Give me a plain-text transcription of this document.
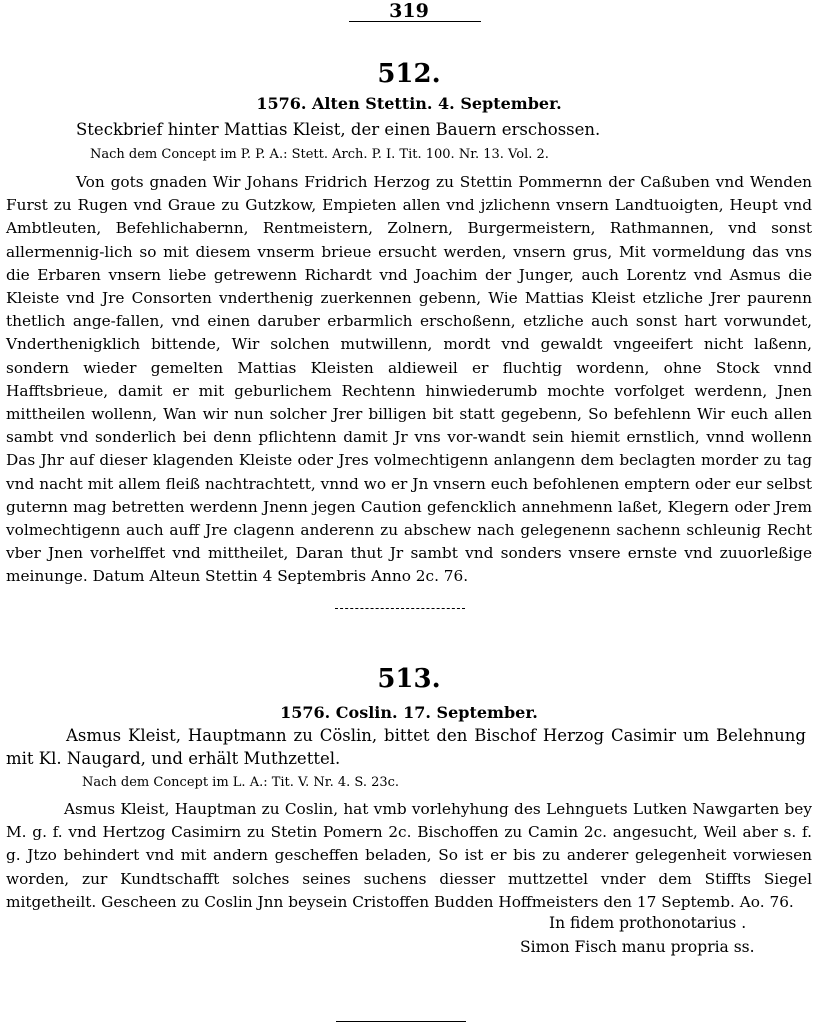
319
512.
1576. Alten Stettin. 4. September.
Steckbrief hinter Mattias Kleist, der einen Bauern erschossen.
Nach dem Concept im P. P. A.: Stett. Arch. P. I. Tit. 100. Nr. 13. Vol. 2.
Von gots gnaden Wir Johans Fridrich Herzog zu Stettin Pommernn der Caßuben vnd Wenden Furst zu Rugen vnd Graue zu Gutzkow, Empieten allen vnd jzlichenn vnsern Landtuoigten, Heupt vnd Ambtleuten, Befehlichabernn, Rentmeistern, Zolnern, Burgermeistern, Rathmannen, vnd sonst allermennig-lich so mit diesem vnserm brieue ersucht werden, vnsern grus, Mit vormeldung das vns die Erbaren vnsern liebe getrewenn Richardt vnd Joachim der Junger, auch Lorentz vnd Asmus die Kleiste vnd Jre Consorten vnderthenig zuerkennen gebenn, Wie Mattias Kleist etzliche Jrer paurenn thetlich ange-fallen, vnd einen daruber erbarmlich erschoßenn, etzliche auch sonst hart vorwundet, Vnderthenigklich bittende, Wir solchen mutwillenn, mordt vnd gewaldt vngeeifert nicht laßenn, sondern wieder gemelten Mattias Kleisten aldieweil er fluchtig wordenn, ohne Stock vnnd Hafftsbrieue, damit er mit geburlichem Rechtenn hinwiederumb mochte vorfolget werdenn, Jnen mittheilen wollenn, Wan wir nun solcher Jrer billigen bit statt gegebenn, So befehlenn Wir euch allen sambt vnd sonderlich bei denn pflichtenn damit Jr vns vor-wandt sein hiemit ernstlich, vnnd wollenn Das Jhr auf dieser klagenden Kleiste oder Jres volmechtigenn anlangenn dem beclagten morder zu tag vnd nacht mit allem fleiß nachtrachtett, vnnd wo er Jn vnsern euch befohlenen emptern oder eur selbst guternn mag betretten werdenn Jnenn jegen Caution gefencklich annehmenn laßet, Klegern oder Jrem volmechtigenn auch auff Jre clagenn anderenn zu abschew nach gelegenenn sachenn schleunig Recht vber Jnen vorhelffet vnd mittheilet, Daran thut Jr sambt vnd sonders vnsere ernste vnd zuuorleßige meinunge. Datum Alteun Stettin 4 Septembris Anno 2c. 76.
513.
1576. Coslin. 17. September.
Asmus Kleist, Hauptmann zu Cöslin, bittet den Bischof Herzog Casimir um Belehnung mit Kl. Naugard, und erhält Muthzettel.
Nach dem Concept im L. A.: Tit. V. Nr. 4. S. 23c.
Asmus Kleist, Hauptman zu Coslin, hat vmb vorlehyhung des Lehnguets Lutken Nawgarten bey M. g. f. vnd Hertzog Casimirn zu Stetin Pomern 2c. Bischoffen zu Camin 2c. angesucht, Weil aber s. f. g. Jtzo behindert vnd mit andern gescheffen beladen, So ist er bis zu anderer gelegenheit vorwiesen worden, zur Kundtschafft solches seines suchens diesser muttzettel vnder dem Stiffts Siegel mitgetheilt. Gescheen zu Coslin Jnn beysein Cristoffen Budden Hoffmeisters den 17 Septemb. Ao. 76.
In fidem prothonotarius .
Simon Fisch manu propria ss.
